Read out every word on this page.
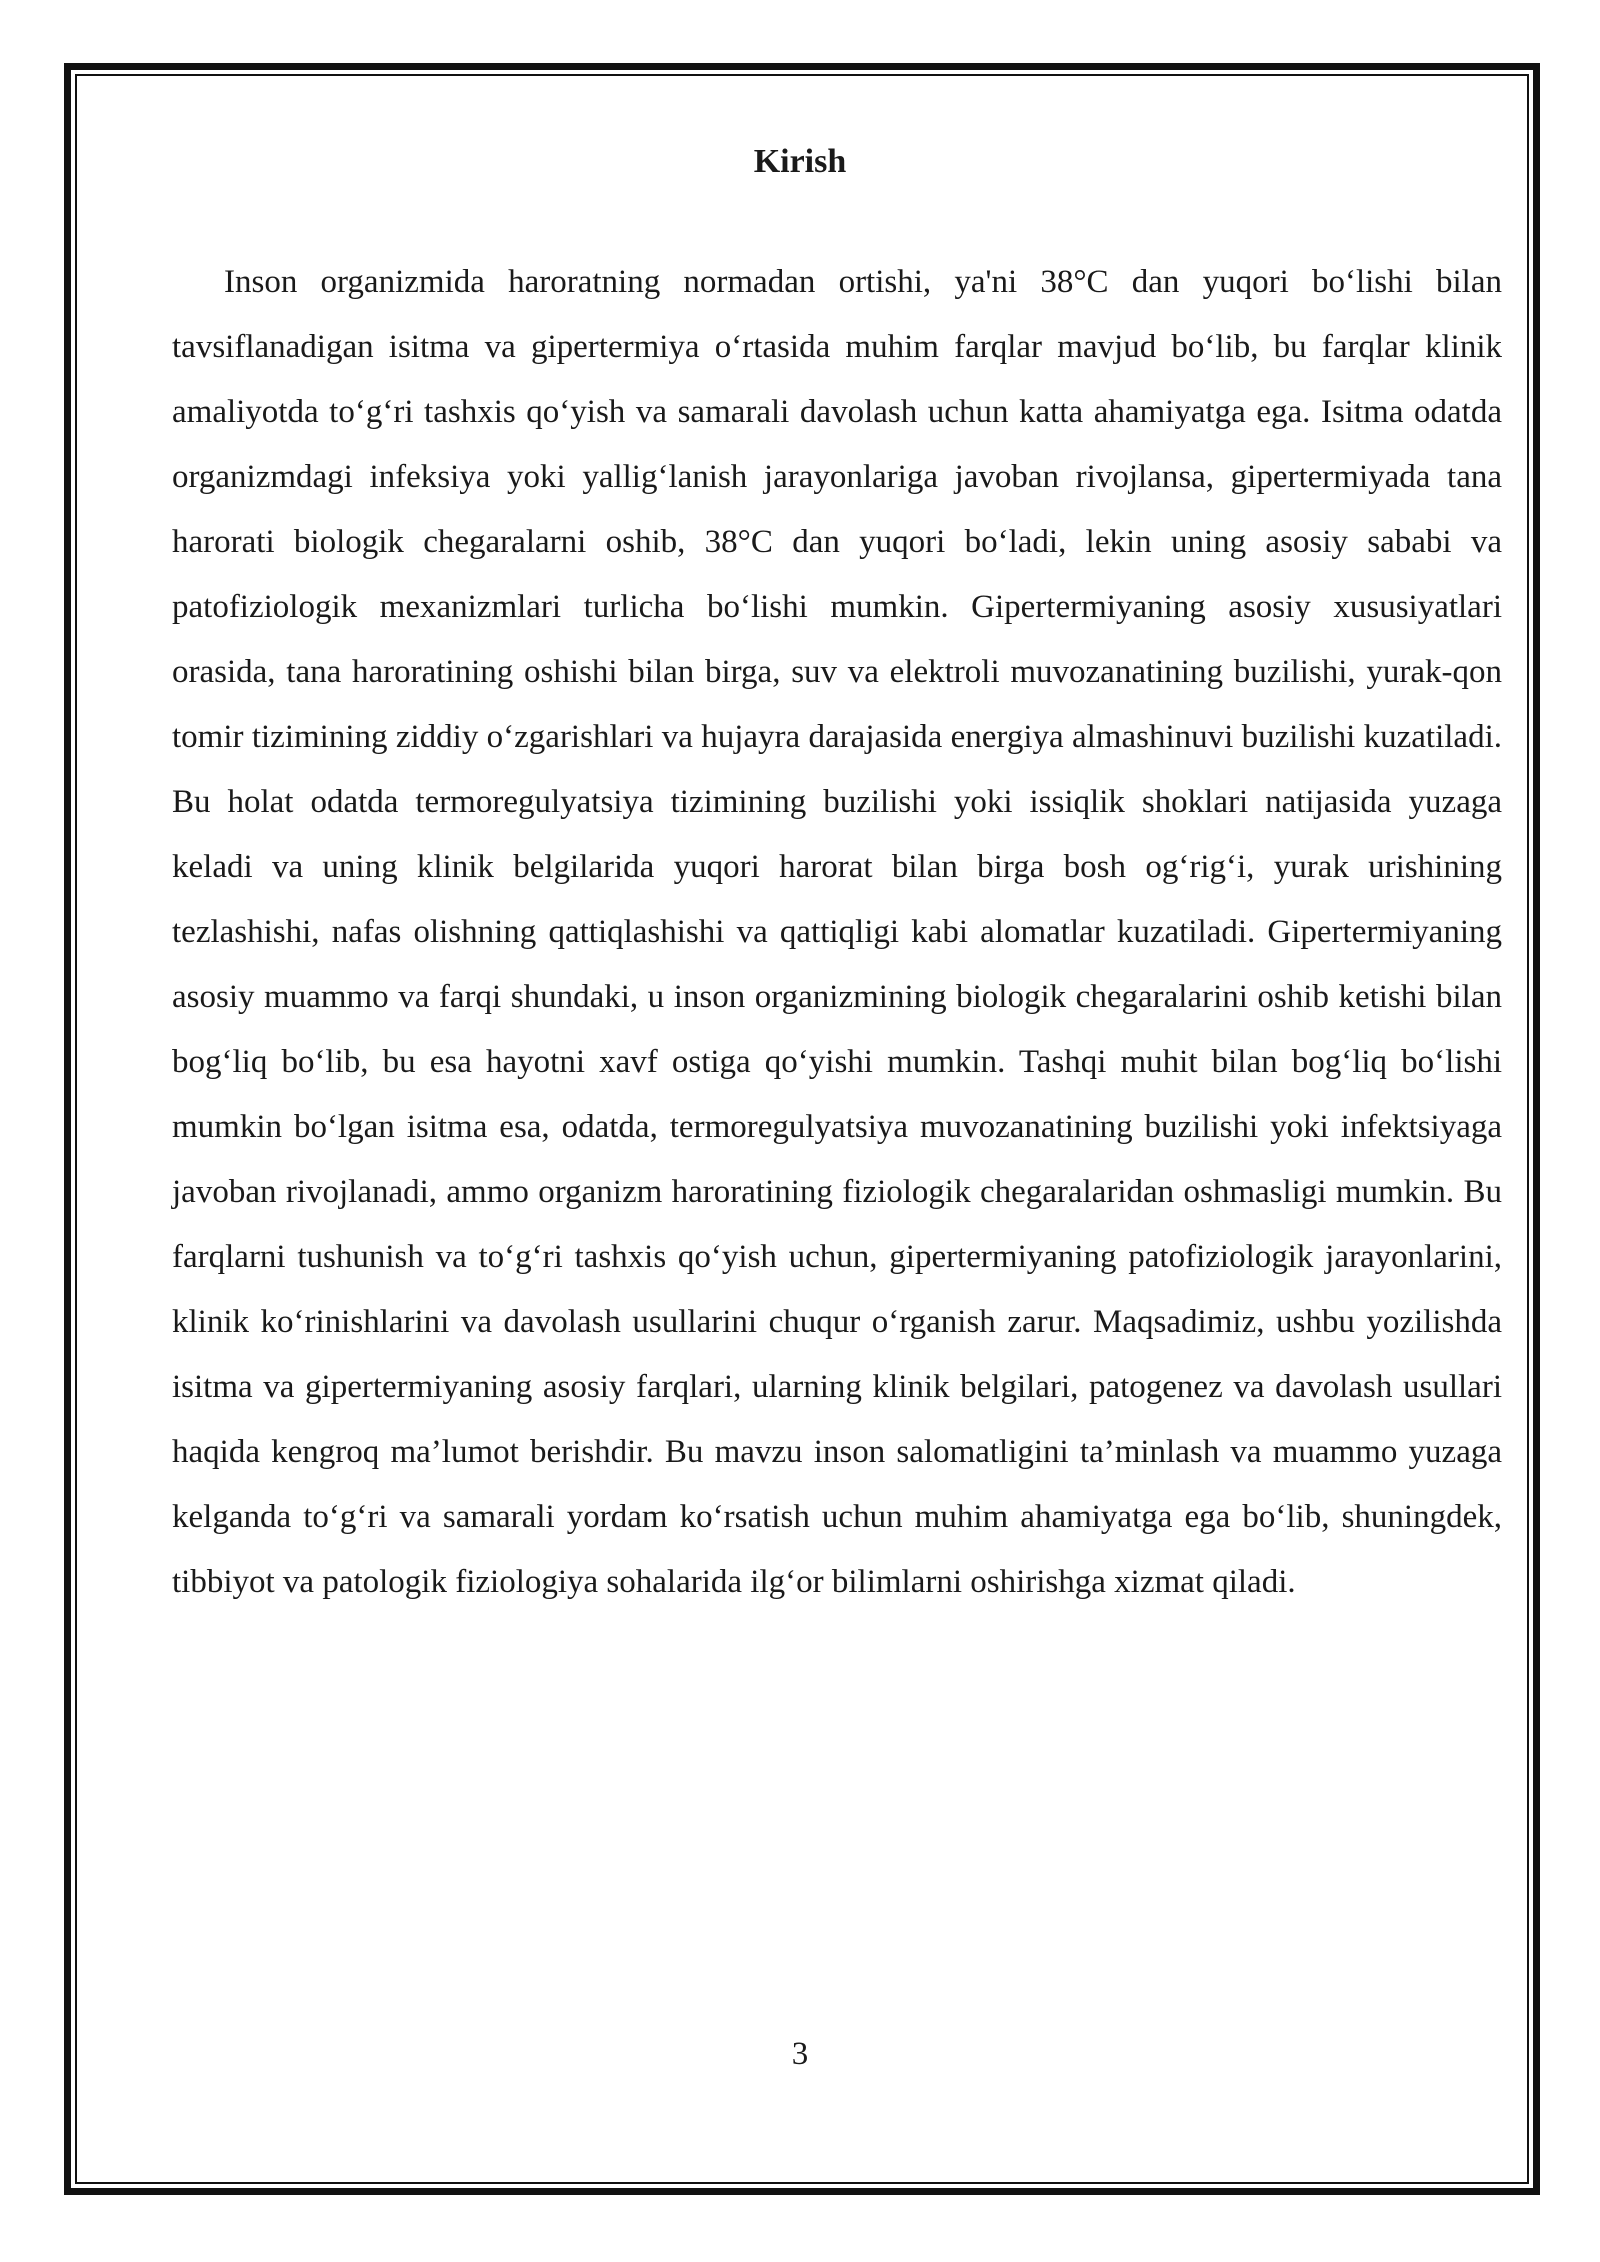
Kirish

Inson organizmida haroratning normadan ortishi, ya'ni 38°C dan yuqori bo‘lishi bilan tavsiflanadigan isitma va gipertermiya o‘rtasida muhim farqlar mavjud bo‘lib, bu farqlar klinik amaliyotda to‘g‘ri tashxis qo‘yish va samarali davolash uchun katta ahamiyatga ega. Isitma odatda organizmdagi infeksiya yoki yallig‘lanish jarayonlariga javoban rivojlansa, gipertermiyada tana harorati biologik chegaralarni oshib, 38°C dan yuqori bo‘ladi, lekin uning asosiy sababi va patofiziologik mexanizmlari turlicha bo‘lishi mumkin. Gipertermiyaning asosiy xususiyatlari orasida, tana haroratining oshishi bilan birga, suv va elektroli muvozanatining buzilishi, yurak-qon tomir tizimining ziddiy o‘zgarishlari va hujayra darajasida energiya almashinuvi buzilishi kuzatiladi. Bu holat odatda termoregulyatsiya tizimining buzilishi yoki issiqlik shoklari natijasida yuzaga keladi va uning klinik belgilarida yuqori harorat bilan birga bosh og‘rig‘i, yurak urishining tezlashishi, nafas olishning qattiqlashishi va qattiqligi kabi alomatlar kuzatiladi. Gipertermiyaning asosiy muammo va farqi shundaki, u inson organizmining biologik chegaralarini oshib ketishi bilan bog‘liq bo‘lib, bu esa hayotni xavf ostiga qo‘yishi mumkin. Tashqi muhit bilan bog‘liq bo‘lishi mumkin bo‘lgan isitma esa, odatda, termoregulyatsiya muvozanatining buzilishi yoki infektsiyaga javoban rivojlanadi, ammo organizm haroratining fiziologik chegaralaridan oshmasligi mumkin. Bu farqlarni tushunish va to‘g‘ri tashxis qo‘yish uchun, gipertermiyaning patofiziologik jarayonlarini, klinik ko‘rinishlarini va davolash usullarini chuqur o‘rganish zarur. Maqsadimiz, ushbu yozilishda isitma va gipertermiyaning asosiy farqlari, ularning klinik belgilari, patogenez va davolash usullari haqida kengroq ma’lumot berishdir. Bu mavzu inson salomatligini ta’minlash va muammo yuzaga kelganda to‘g‘ri va samarali yordam ko‘rsatish uchun muhim ahamiyatga ega bo‘lib, shuningdek, tibbiyot va patologik fiziologiya sohalarida ilg‘or bilimlarni oshirishga xizmat qiladi.

3
